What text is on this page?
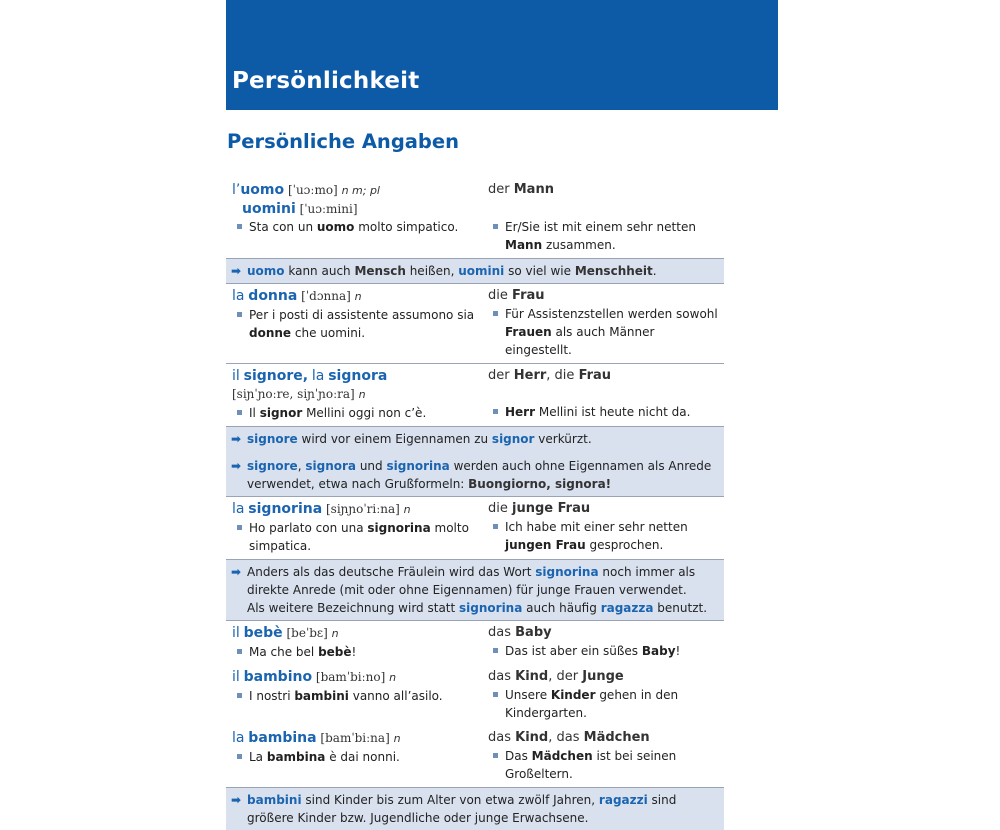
Persönlichkeit
Persönliche Angaben
l’uomo [ˈuɔːmo] n m; pl
uomini [ˈuɔːmini]
der Mann
Sta con un uomo molto simpatico.	Er/Sie ist mit einem sehr netten Mann zusammen.
➡ uomo kann auch Mensch heißen, uomini so viel wie Menschheit.
la donna [ˈdɔnna] n
Per i posti di assistente assumono sia donne che uomini.
die Frau
Für Assistenzstellen werden sowohl Frauen als auch Männer eingestellt.
il signore, la signora
[siɲˈɲoːre, siɲˈɲoːra] n
Il signor Mellini oggi non c’è.
der Herr, die Frau
Herr Mellini ist heute nicht da.
➡ signore wird vor einem Eigennamen zu signor verkürzt.
➡ signore, signora und signorina werden auch ohne Eigennamen als Anrede verwendet, etwa nach Grußformeln: Buongiorno, signora!
la signorina [siɲɲoˈriːna] n
Ho parlato con una signorina molto simpatica.
die junge Frau
Ich habe mit einer sehr netten jungen Frau gesprochen.
➡ Anders als das deutsche Fräulein wird das Wort signorina noch immer als direkte Anrede (mit oder ohne Eigennamen) für junge Frauen verwendet.
Als weitere Bezeichnung wird statt signorina auch häufig ragazza benutzt.
il bebè [beˈbɛ] n
Ma che bel bebè!
das Baby
Das ist aber ein süßes Baby!
il bambino [bamˈbiːno] n
I nostri bambini vanno all’asilo.
das Kind, der Junge
Unsere Kinder gehen in den Kindergarten.
la bambina [bamˈbiːna] n
La bambina è dai nonni.
das Kind, das Mädchen
Das Mädchen ist bei seinen Großeltern.
➡ bambini sind Kinder bis zum Alter von etwa zwölf Jahren, ragazzi sind größere Kinder bzw. Jugendliche oder junge Erwachsene.
